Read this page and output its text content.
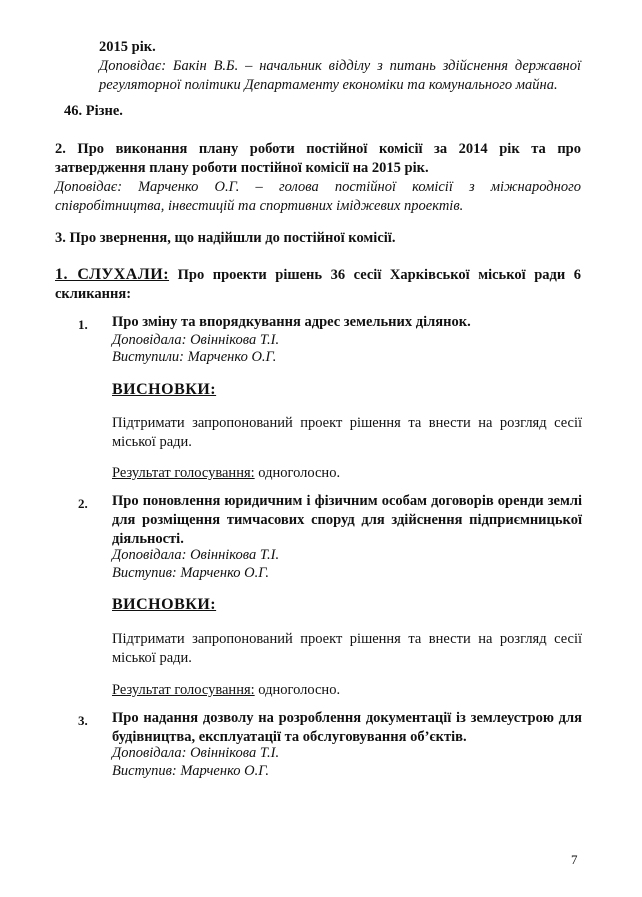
2015 рік.

Доповідає: Бакін В.Б. – начальник відділу з питань здійснення державної регуляторної політики Департаменту економіки та комунального майна.

46. Різне.

2. Про виконання плану роботи постійної комісії за 2014 рік та про затвердження плану роботи постійної комісії на 2015 рік.

Доповідає: Марченко О.Г. – голова постійної комісії з міжнародного співробітництва, інвестицій та спортивних іміджевих проектів.

3. Про звернення, що надійшли до постійної комісії.

1. СЛУХАЛИ: Про проекти рішень 36 сесії Харківської міської ради 6 скликання:

1. Про зміну та впорядкування адрес земельних ділянок.

Доповідала: Овіннікова Т.І.

Виступили: Марченко О.Г.

ВИСНОВКИ:

Підтримати запропонований проект рішення та внести на розгляд сесії міської ради.

Результат голосування: одноголосно.

2. Про поновлення юридичним і фізичним особам договорів оренди землі для розміщення тимчасових споруд для здійснення підприємницької діяльності.

Доповідала: Овіннікова Т.І.

Виступив: Марченко О.Г.

ВИСНОВКИ:

Підтримати запропонований проект рішення та внести на розгляд сесії міської ради.

Результат голосування: одноголосно.

3. Про надання дозволу на розроблення документації із землеустрою для будівництва, експлуатації та обслуговування об’єктів.

Доповідала: Овіннікова Т.І.

Виступив: Марченко О.Г.

7
